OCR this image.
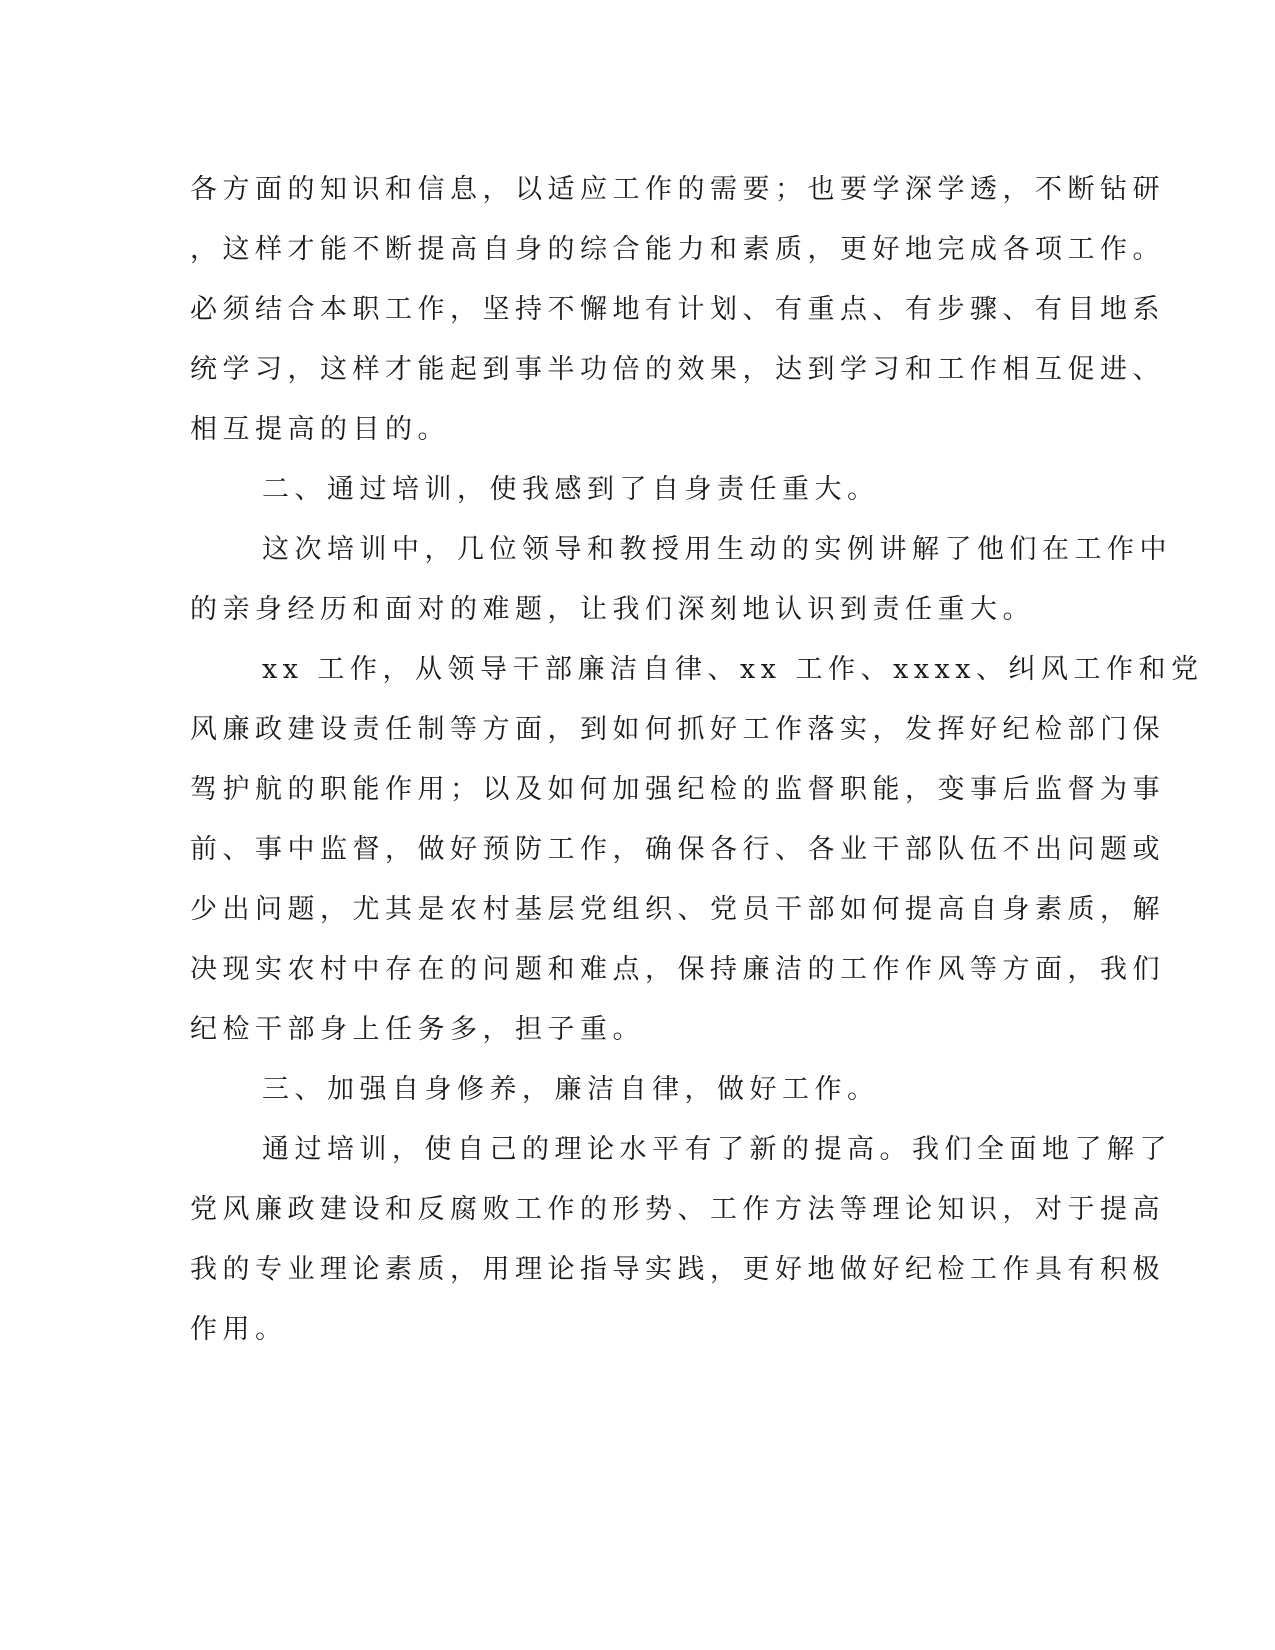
各方面的知识和信息，以适应工作的需要；也要学深学透，不断钻研
，这样才能不断提高自身的综合能力和素质，更好地完成各项工作。
必须结合本职工作，坚持不懈地有计划、有重点、有步骤、有目地系
统学习，这样才能起到事半功倍的效果，达到学习和工作相互促进、
相互提高的目的。
二、通过培训，使我感到了自身责任重大。
这次培训中，几位领导和教授用生动的实例讲解了他们在工作中
的亲身经历和面对的难题，让我们深刻地认识到责任重大。
xx 工作，从领导干部廉洁自律、xx 工作、xxxx、纠风工作和党
风廉政建设责任制等方面，到如何抓好工作落实，发挥好纪检部门保
驾护航的职能作用；以及如何加强纪检的监督职能，变事后监督为事
前、事中监督，做好预防工作，确保各行、各业干部队伍不出问题或
少出问题，尤其是农村基层党组织、党员干部如何提高自身素质，解
决现实农村中存在的问题和难点，保持廉洁的工作作风等方面，我们
纪检干部身上任务多，担子重。
三、加强自身修养，廉洁自律，做好工作。
通过培训，使自己的理论水平有了新的提高。我们全面地了解了
党风廉政建设和反腐败工作的形势、工作方法等理论知识，对于提高
我的专业理论素质，用理论指导实践，更好地做好纪检工作具有积极
作用。
